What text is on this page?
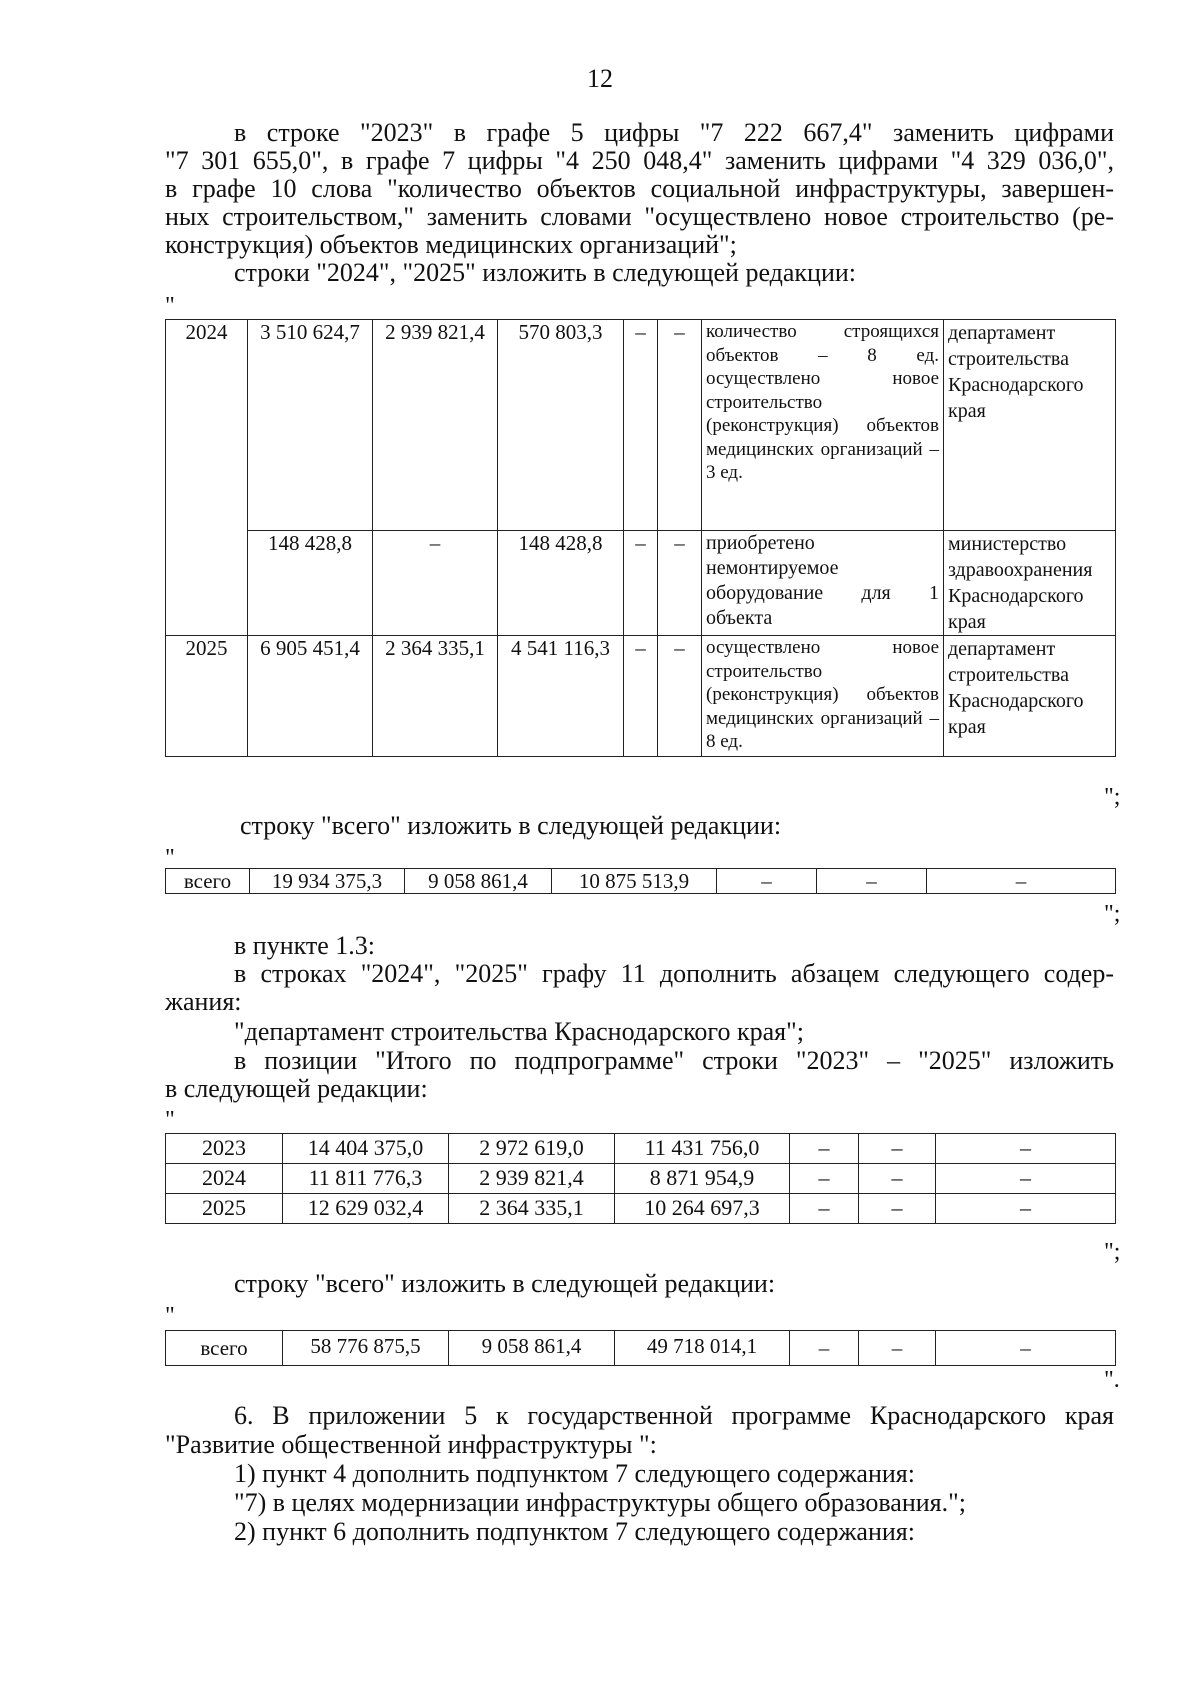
12
в строке "2023" в графе 5 цифры "7 222 667,4" заменить цифрами
"7 301 655,0", в графе 7 цифры "4 250 048,4" заменить цифрами "4 329 036,0",
в графе 10 слова "количество объектов социальной инфраструктуры, завершен-
ных строительством," заменить словами "осуществлено новое строительство (ре-
конструкция) объектов медицинских организаций";
строки "2024", "2025" изложить в следующей редакции:
"
2024	3 510 624,7	2 939 821,4	570 803,3	–	–	количество строящихся объектов – 8 ед. осуществлено новое строительство (реконструкция) объектов медицинских организаций – 3 ед.	департамент строительства Краснодарского края
	148 428,8	–	148 428,8	–	–	приобретено немонтируемое оборудование для 1 объекта	министерство здравоохранения Краснодарского края
2025	6 905 451,4	2 364 335,1	4 541 116,3	–	–	осуществлено новое строительство (реконструкция) объектов медицинских организаций – 8 ед.	департамент строительства Краснодарского края
";
строку "всего" изложить в следующей редакции:
"
всего	19 934 375,3	9 058 861,4	10 875 513,9	–	–	–
";
в пункте 1.3:
в строках "2024", "2025" графу 11 дополнить абзацем следующего содер-
жания:
"департамент строительства Краснодарского края";
в позиции "Итого по подпрограмме" строки "2023" – "2025" изложить
в следующей редакции:
"
2023	14 404 375,0	2 972 619,0	11 431 756,0	–	–	–
2024	11 811 776,3	2 939 821,4	8 871 954,9	–	–	–
2025	12 629 032,4	2 364 335,1	10 264 697,3	–	–	–
";
строку "всего" изложить в следующей редакции:
"
всего	58 776 875,5	9 058 861,4	49 718 014,1	–	–	–
".
6. В приложении 5 к государственной программе Краснодарского края
"Развитие общественной инфраструктуры ":
1) пункт 4 дополнить подпунктом 7 следующего содержания:
"7) в целях модернизации инфраструктуры общего образования.";
2) пункт 6 дополнить подпунктом 7 следующего содержания:
